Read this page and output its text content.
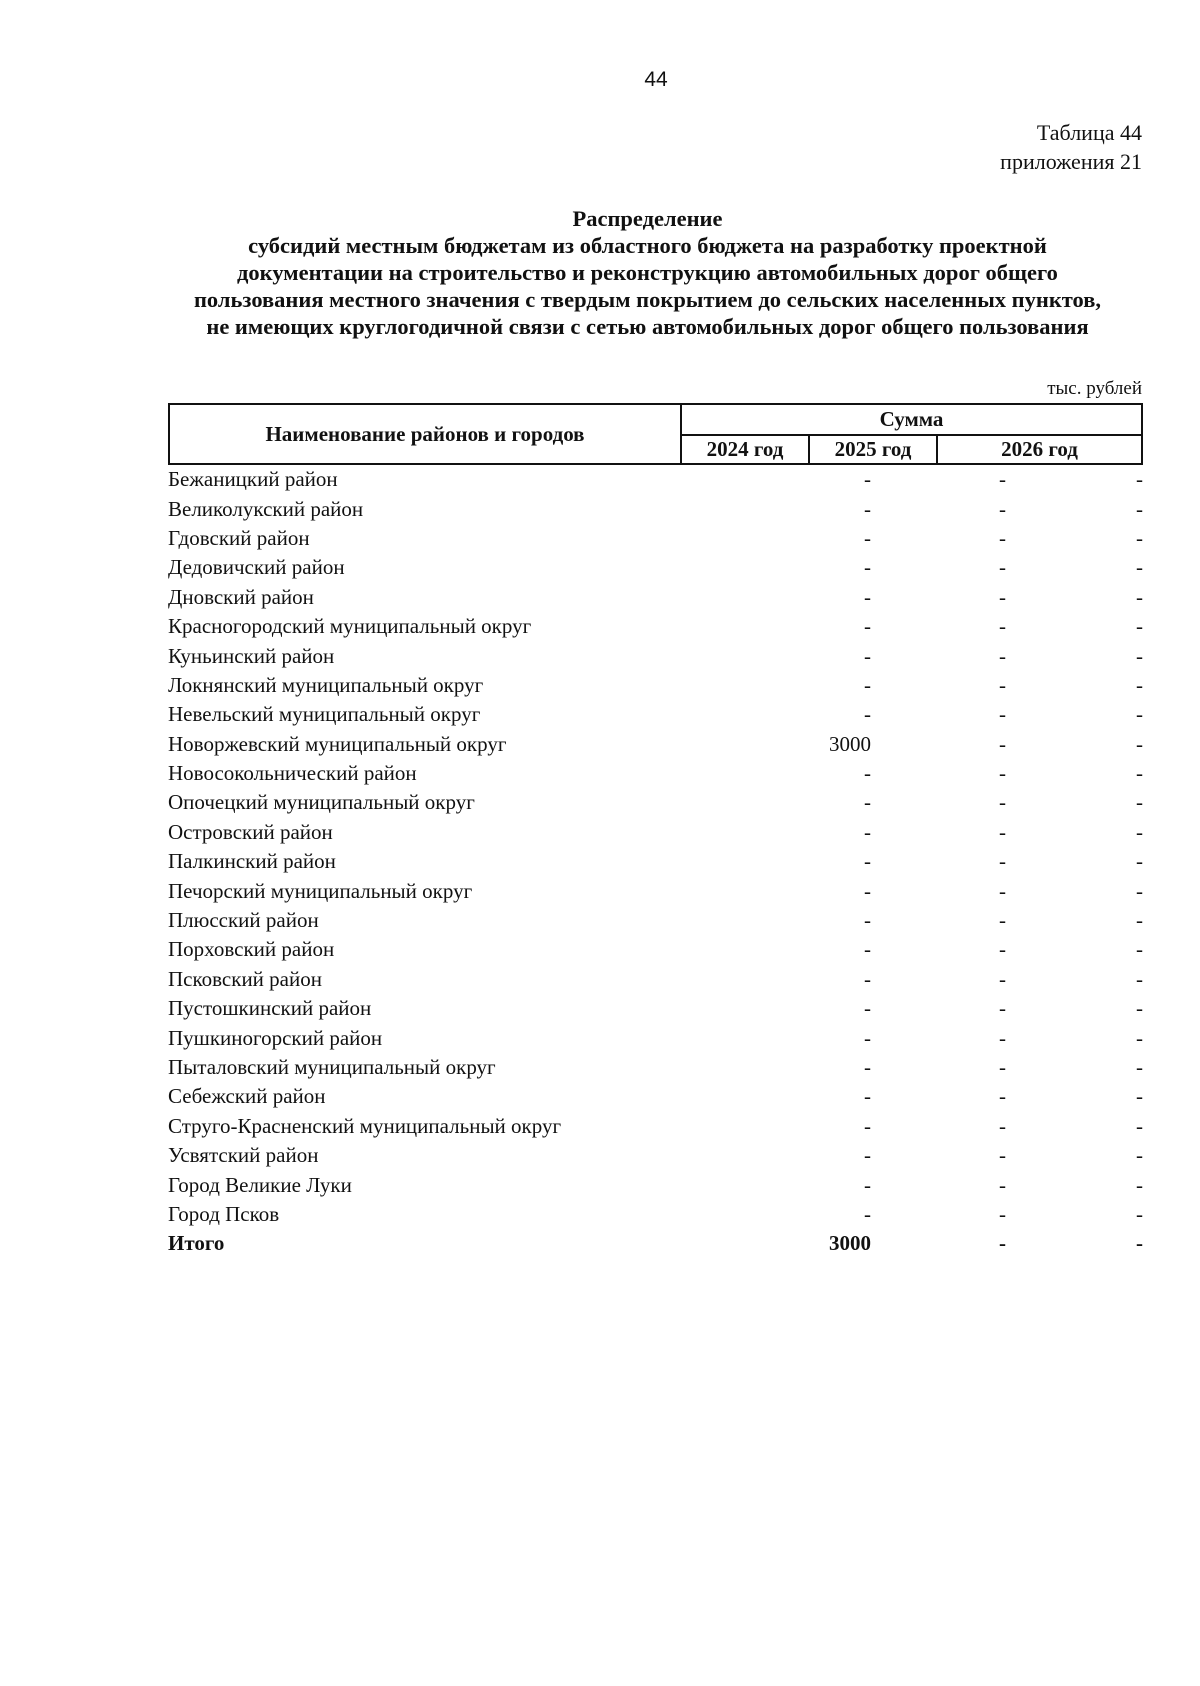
44
Таблица 44
приложения 21
Распределение
субсидий местным бюджетам из областного бюджета на разработку проектной
документации на строительство и реконструкцию автомобильных дорог общего
пользования местного значения с твердым покрытием до сельских населенных пунктов,
не имеющих круглогодичной связи с сетью автомобильных дорог общего пользования
тыс. рублей
Наименование районов и городов	Сумма		
	2024 год	2025 год	2026 год
Бежаницкий район	-	-	-
Великолукский район	-	-	-
Гдовский район	-	-	-
Дедовичский район	-	-	-
Дновский район	-	-	-
Красногородский муниципальный округ	-	-	-
Куньинский район	-	-	-
Локнянский муниципальный округ	-	-	-
Невельский муниципальный округ	-	-	-
Новоржевский муниципальный округ	3000	-	-
Новосокольнический район	-	-	-
Опочецкий муниципальный округ	-	-	-
Островский район	-	-	-
Палкинский район	-	-	-
Печорский муниципальный округ	-	-	-
Плюсский район	-	-	-
Порховский район	-	-	-
Псковский район	-	-	-
Пустошкинский район	-	-	-
Пушкиногорский район	-	-	-
Пыталовский муниципальный округ	-	-	-
Себежский район	-	-	-
Струго-Красненский муниципальный округ	-	-	-
Усвятский район	-	-	-
Город Великие Луки	-	-	-
Город Псков	-	-	-
Итого	3000	-	-
